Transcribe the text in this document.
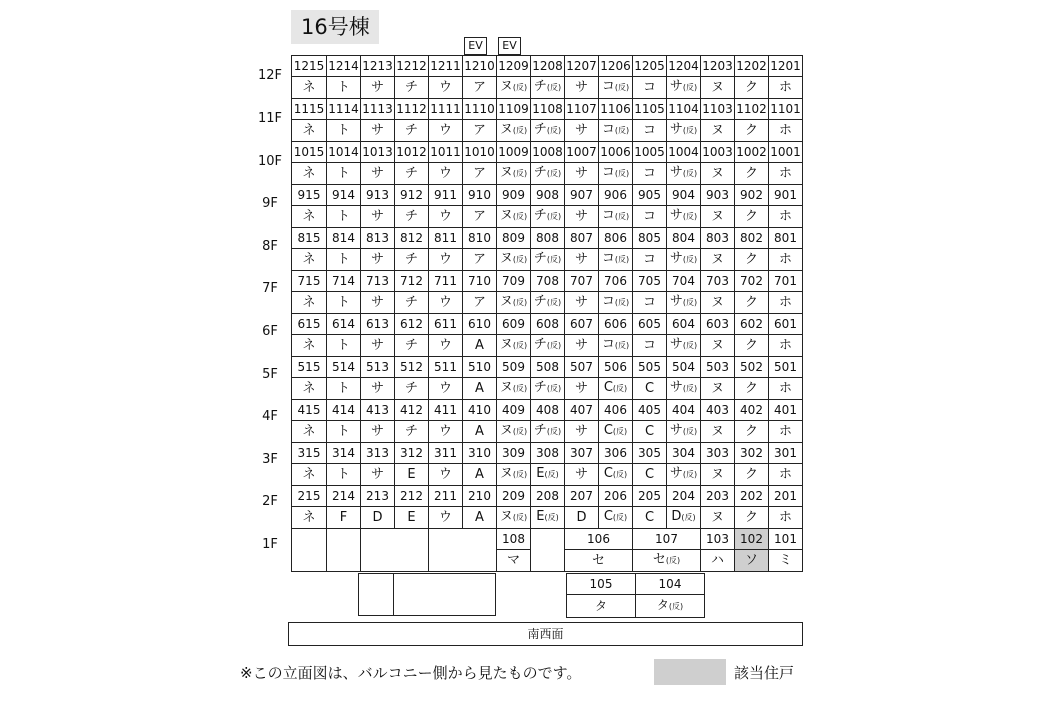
16号棟
EV	EV
12F
11F
10F
9F
8F
7F
6F
5F
4F
3F
2F
1215	1214	1213	1212	1211	1210	1209	1208	1207	1206	1205	1204	1203	1202	1201
ネ	ト	サ	チ	ウ	ア	ヌ(反)	チ(反)	サ	コ(反)	コ	サ(反)	ヌ	ク	ホ
1115	1114	1113	1112	1111	1110	1109	1108	1107	1106	1105	1104	1103	1102	1101
ネ	ト	サ	チ	ウ	ア	ヌ(反)	チ(反)	サ	コ(反)	コ	サ(反)	ヌ	ク	ホ
1015	1014	1013	1012	1011	1010	1009	1008	1007	1006	1005	1004	1003	1002	1001
ネ	ト	サ	チ	ウ	ア	ヌ(反)	チ(反)	サ	コ(反)	コ	サ(反)	ヌ	ク	ホ
915	914	913	912	911	910	909	908	907	906	905	904	903	902	901
ネ	ト	サ	チ	ウ	ア	ヌ(反)	チ(反)	サ	コ(反)	コ	サ(反)	ヌ	ク	ホ
815	814	813	812	811	810	809	808	807	806	805	804	803	802	801
ネ	ト	サ	チ	ウ	ア	ヌ(反)	チ(反)	サ	コ(反)	コ	サ(反)	ヌ	ク	ホ
715	714	713	712	711	710	709	708	707	706	705	704	703	702	701
ネ	ト	サ	チ	ウ	ア	ヌ(反)	チ(反)	サ	コ(反)	コ	サ(反)	ヌ	ク	ホ
615	614	613	612	611	610	609	608	607	606	605	604	603	602	601
ネ	ト	サ	チ	ウ	A	ヌ(反)	チ(反)	サ	コ(反)	コ	サ(反)	ヌ	ク	ホ
515	514	513	512	511	510	509	508	507	506	505	504	503	502	501
ネ	ト	サ	チ	ウ	A	ヌ(反)	チ(反)	サ	C(反)	C	サ(反)	ヌ	ク	ホ
415	414	413	412	411	410	409	408	407	406	405	404	403	402	401
ネ	ト	サ	チ	ウ	A	ヌ(反)	チ(反)	サ	C(反)	C	サ(反)	ヌ	ク	ホ
315	314	313	312	311	310	309	308	307	306	305	304	303	302	301
ネ	ト	サ	E	ウ	A	ヌ(反)	E(反)	サ	C(反)	C	サ(反)	ヌ	ク	ホ
215	214	213	212	211	210	209	208	207	206	205	204	203	202	201
ネ	F	D	E	ウ	A	ヌ(反)	E(反)	D	C(反)	C	D(反)	ヌ	ク	ホ
						108		106		107		103	102	101
						マ		セ		セ(反)		ハ	ソ	ミ
1F
105	104
タ	タ(反)
南西面
※この立面図は、バルコニー側から見たものです。	該当住戸
